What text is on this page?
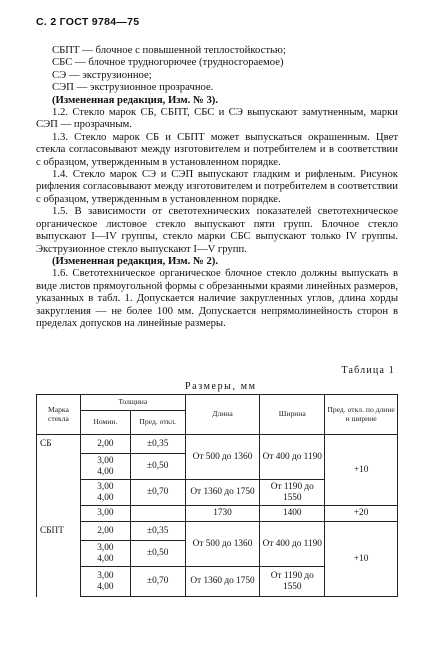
С. 2 ГОСТ 9784—75

СБПТ — блочное с повышенной теплостойкостью;

СБС — блочное трудногорючее (трудносгораемое)

СЭ — экструзионное;

СЭП — экструзионное прозрачное.

(Измененная редакция, Изм. № 3).

1.2. Стекло марок СБ, СБПТ, СБС и СЭ выпускают замутненным, марки СЭП — прозрачным.

1.3. Стекло марок СБ и СБПТ может выпускаться окрашенным. Цвет стекла согласовывают между изготовителем и потребителем и в соответствии с образцом, утвержденным в установленном порядке.

1.4. Стекло марок СЭ и СЭП выпускают гладким и рифленым. Рисунок рифления согласовывают между изготовителем и потребителем в соответствии с образцом, утвержденным в установленном порядке.

1.5. В зависимости от светотехнических показателей светотехническое органическое листовое стекло выпускают пяти групп. Блочное стекло выпускают I—IV группы, стекло марки СБС выпускают только IV группы. Экструзионное стекло выпускают I—V групп.

(Измененная редакция, Изм. № 2).

1.6. Светотехническое органическое блочное стекло должны выпускать в виде листов прямоугольной формы с обрезанными краями линейных размеров, указанных в табл. 1. Допускается наличие закругленных углов, длина хорды закругления — не более 100 мм. Допускается непрямолинейность сторон в пределах допусков на линейные размеры.

Таблица 1
Размеры, мм
Марка стекла	Толщина		Длина	Ширина	Пред. откл. по длине и ширине
	Номин.	Пред. откл.			
СБ	2,00	±0,35	От 500 до 1360	От 400 до 1190	+10
	3,00
4,00	±0,50			
	3,00
4,00	±0,70	От 1360 до 1750	От 1190 до 1550	
	3,00		1730	1400	+20
СБПТ	2,00	±0,35	От 500 до 1360	От 400 до 1190	+10
	3,00
4,00	±0,50			
	3,00
4,00	±0,70	От 1360 до 1750	От 1190 до 1550	
